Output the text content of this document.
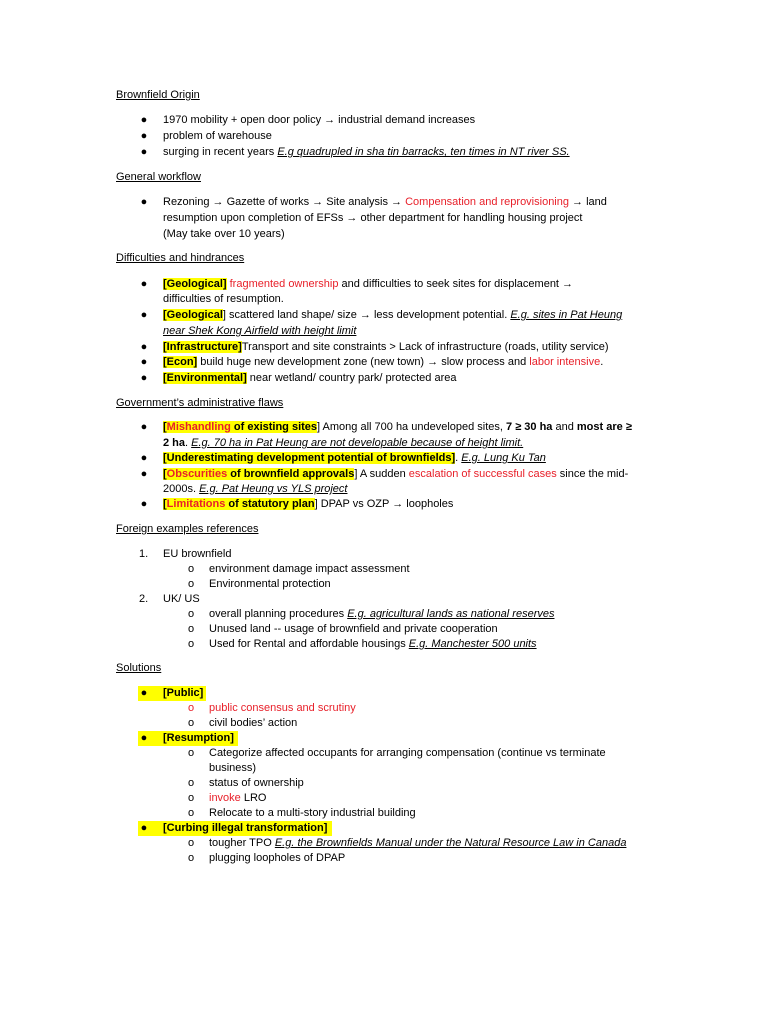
Brownfield Origin
● 1970 mobility + open door policy → industrial demand increases
● problem of warehouse
● surging in recent years E.g quadrupled in sha tin barracks, ten times in NT river SS.
General workflow
● Rezoning → Gazette of works → Site analysis → Compensation and reprovisioning → land
resumption upon completion of EFSs → other department for handling housing project
(May take over 10 years)
Difficulties and hindrances
● [Geological] fragmented ownership and difficulties to seek sites for displacement →
difficulties of resumption.
● [Geological] scattered land shape/ size → less development potential. E.g. sites in Pat Heung
near Shek Kong Airfield with height limit
● [Infrastructure]Transport and site constraints > Lack of infrastructure (roads, utility service)
● [Econ] build huge new development zone (new town) → slow process and labor intensive.
● [Environmental] near wetland/ country park/ protected area
Government’s administrative flaws
● [Mishandling of existing sites] Among all 700 ha undeveloped sites, 7 ≥ 30 ha and most are ≥
2 ha. E.g. 70 ha in Pat Heung are not developable because of height limit.
● [Underestimating development potential of brownfields]. E.g. Lung Ku Tan
● [Obscurities of brownfield approvals] A sudden escalation of successful cases since the mid-
2000s. E.g. Pat Heung vs YLS project
● [Limitations of statutory plan] DPAP vs OZP → loopholes
Foreign examples references
1. EU brownfield
o environment damage impact assessment
o Environmental protection
2. UK/ US
o overall planning procedures E.g. agricultural lands as national reserves
o Unused land -- usage of brownfield and private cooperation
o Used for Rental and affordable housings E.g. Manchester 500 units
Solutions
● [Public]
o public consensus and scrutiny
o civil bodies’ action
● [Resumption]
o Categorize affected occupants for arranging compensation (continue vs terminate
business)
o status of ownership
o invoke LRO
o Relocate to a multi-story industrial building
● [Curbing illegal transformation]
o tougher TPO E.g. the Brownfields Manual under the Natural Resource Law in Canada
o plugging loopholes of DPAP
